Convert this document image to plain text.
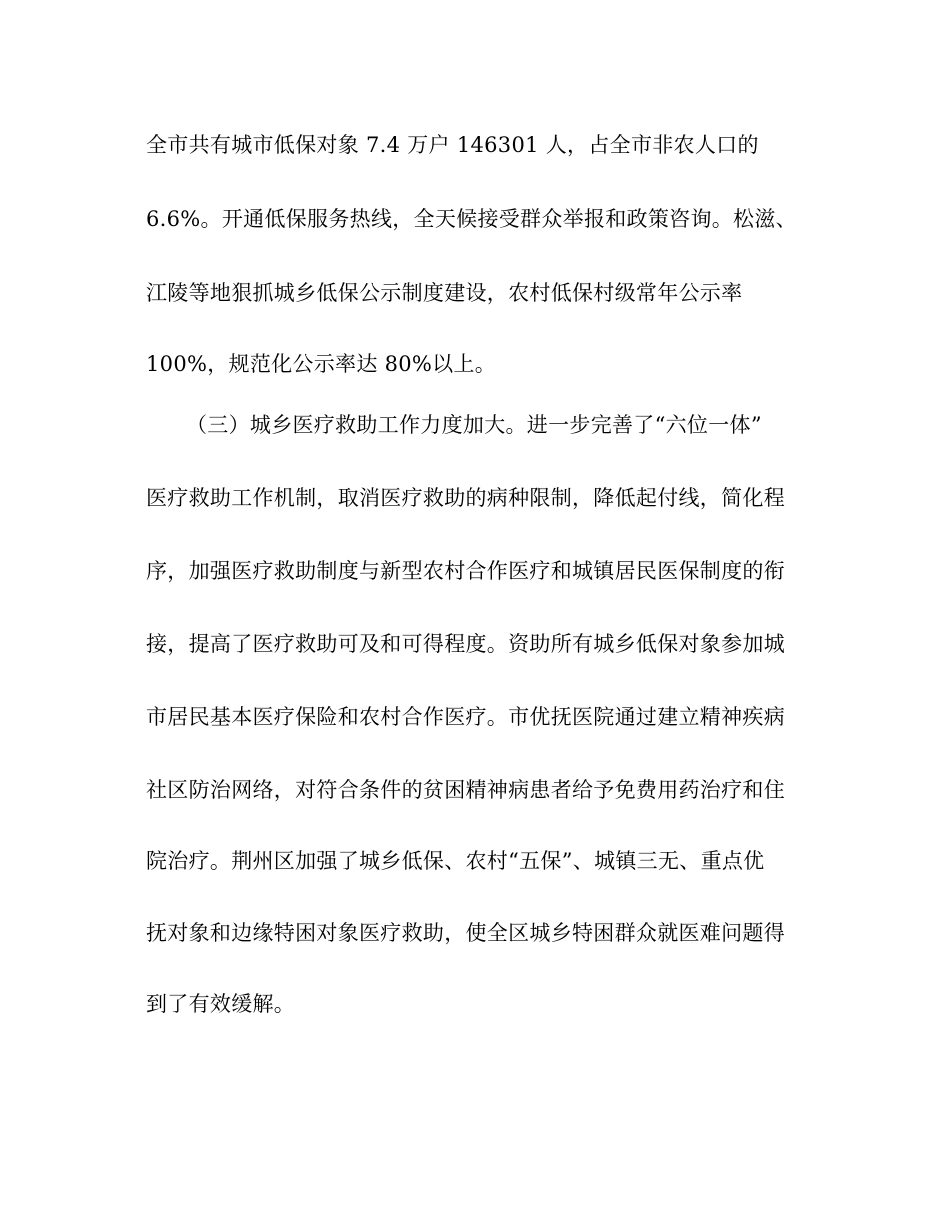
全市共有城市低保对象 7.4 万户 146301 人，占全市非农人口的
6.6%。开通低保服务热线，全天候接受群众举报和政策咨询。松滋、
江陵等地狠抓城乡低保公示制度建设，农村低保村级常年公示率
100%，规范化公示率达 80%以上。
（三）城乡医疗救助工作力度加大。进一步完善了“六位一体”
医疗救助工作机制，取消医疗救助的病种限制，降低起付线，简化程
序，加强医疗救助制度与新型农村合作医疗和城镇居民医保制度的衔
接，提高了医疗救助可及和可得程度。资助所有城乡低保对象参加城
市居民基本医疗保险和农村合作医疗。市优抚医院通过建立精神疾病
社区防治网络，对符合条件的贫困精神病患者给予免费用药治疗和住
院治疗。荆州区加强了城乡低保、农村“五保”、城镇三无、重点优
抚对象和边缘特困对象医疗救助，使全区城乡特困群众就医难问题得
到了有效缓解。
